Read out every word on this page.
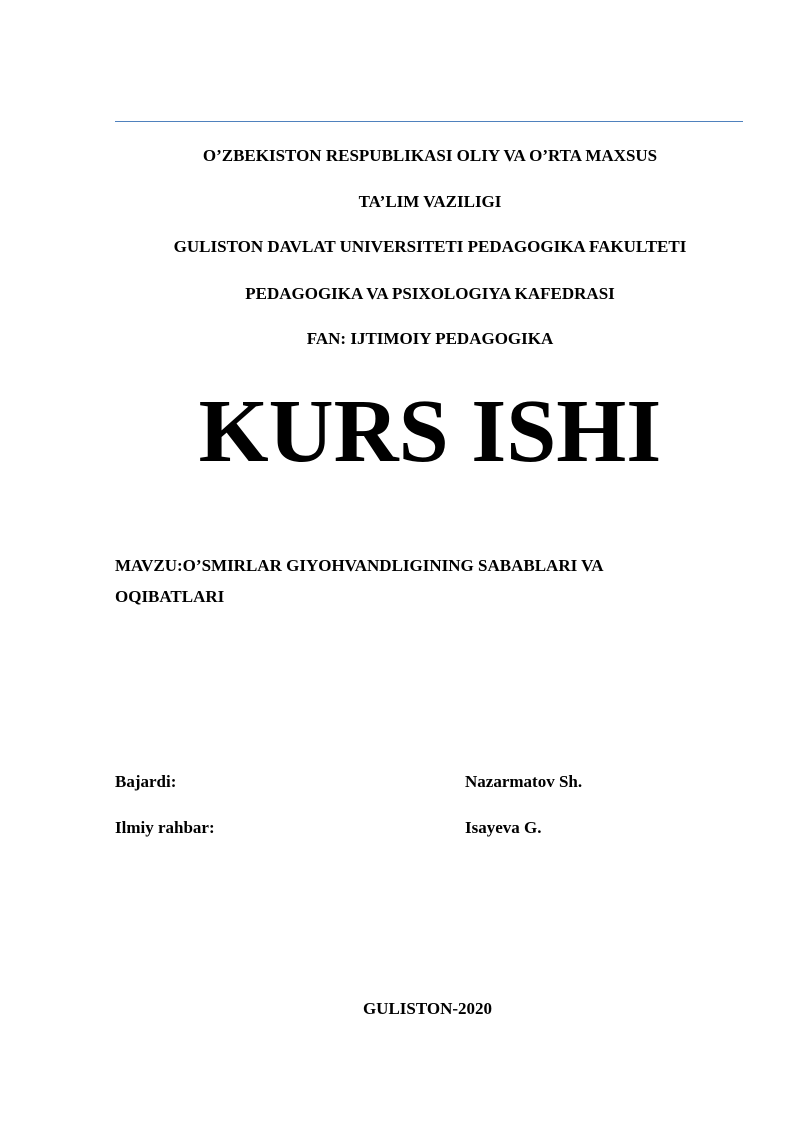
O’ZBEKISTON RESPUBLIKASI OLIY VA O’RTA MAXSUS
TA’LIM VAZILIGI
GULISTON DAVLAT UNIVERSITETI PEDAGOGIKA FAKULTETI
PEDAGOGIKA VA PSIXOLOGIYA KAFEDRASI
FAN: IJTIMOIY PEDAGOGIKA
KURS ISHI
MAVZU:O’SMIRLAR GIYOHVANDLIGINING SABABLARI VA OQIBATLARI
Bajardi:	Nazarmatov Sh.
Ilmiy rahbar:	Isayeva G.
GULISTON-2020
